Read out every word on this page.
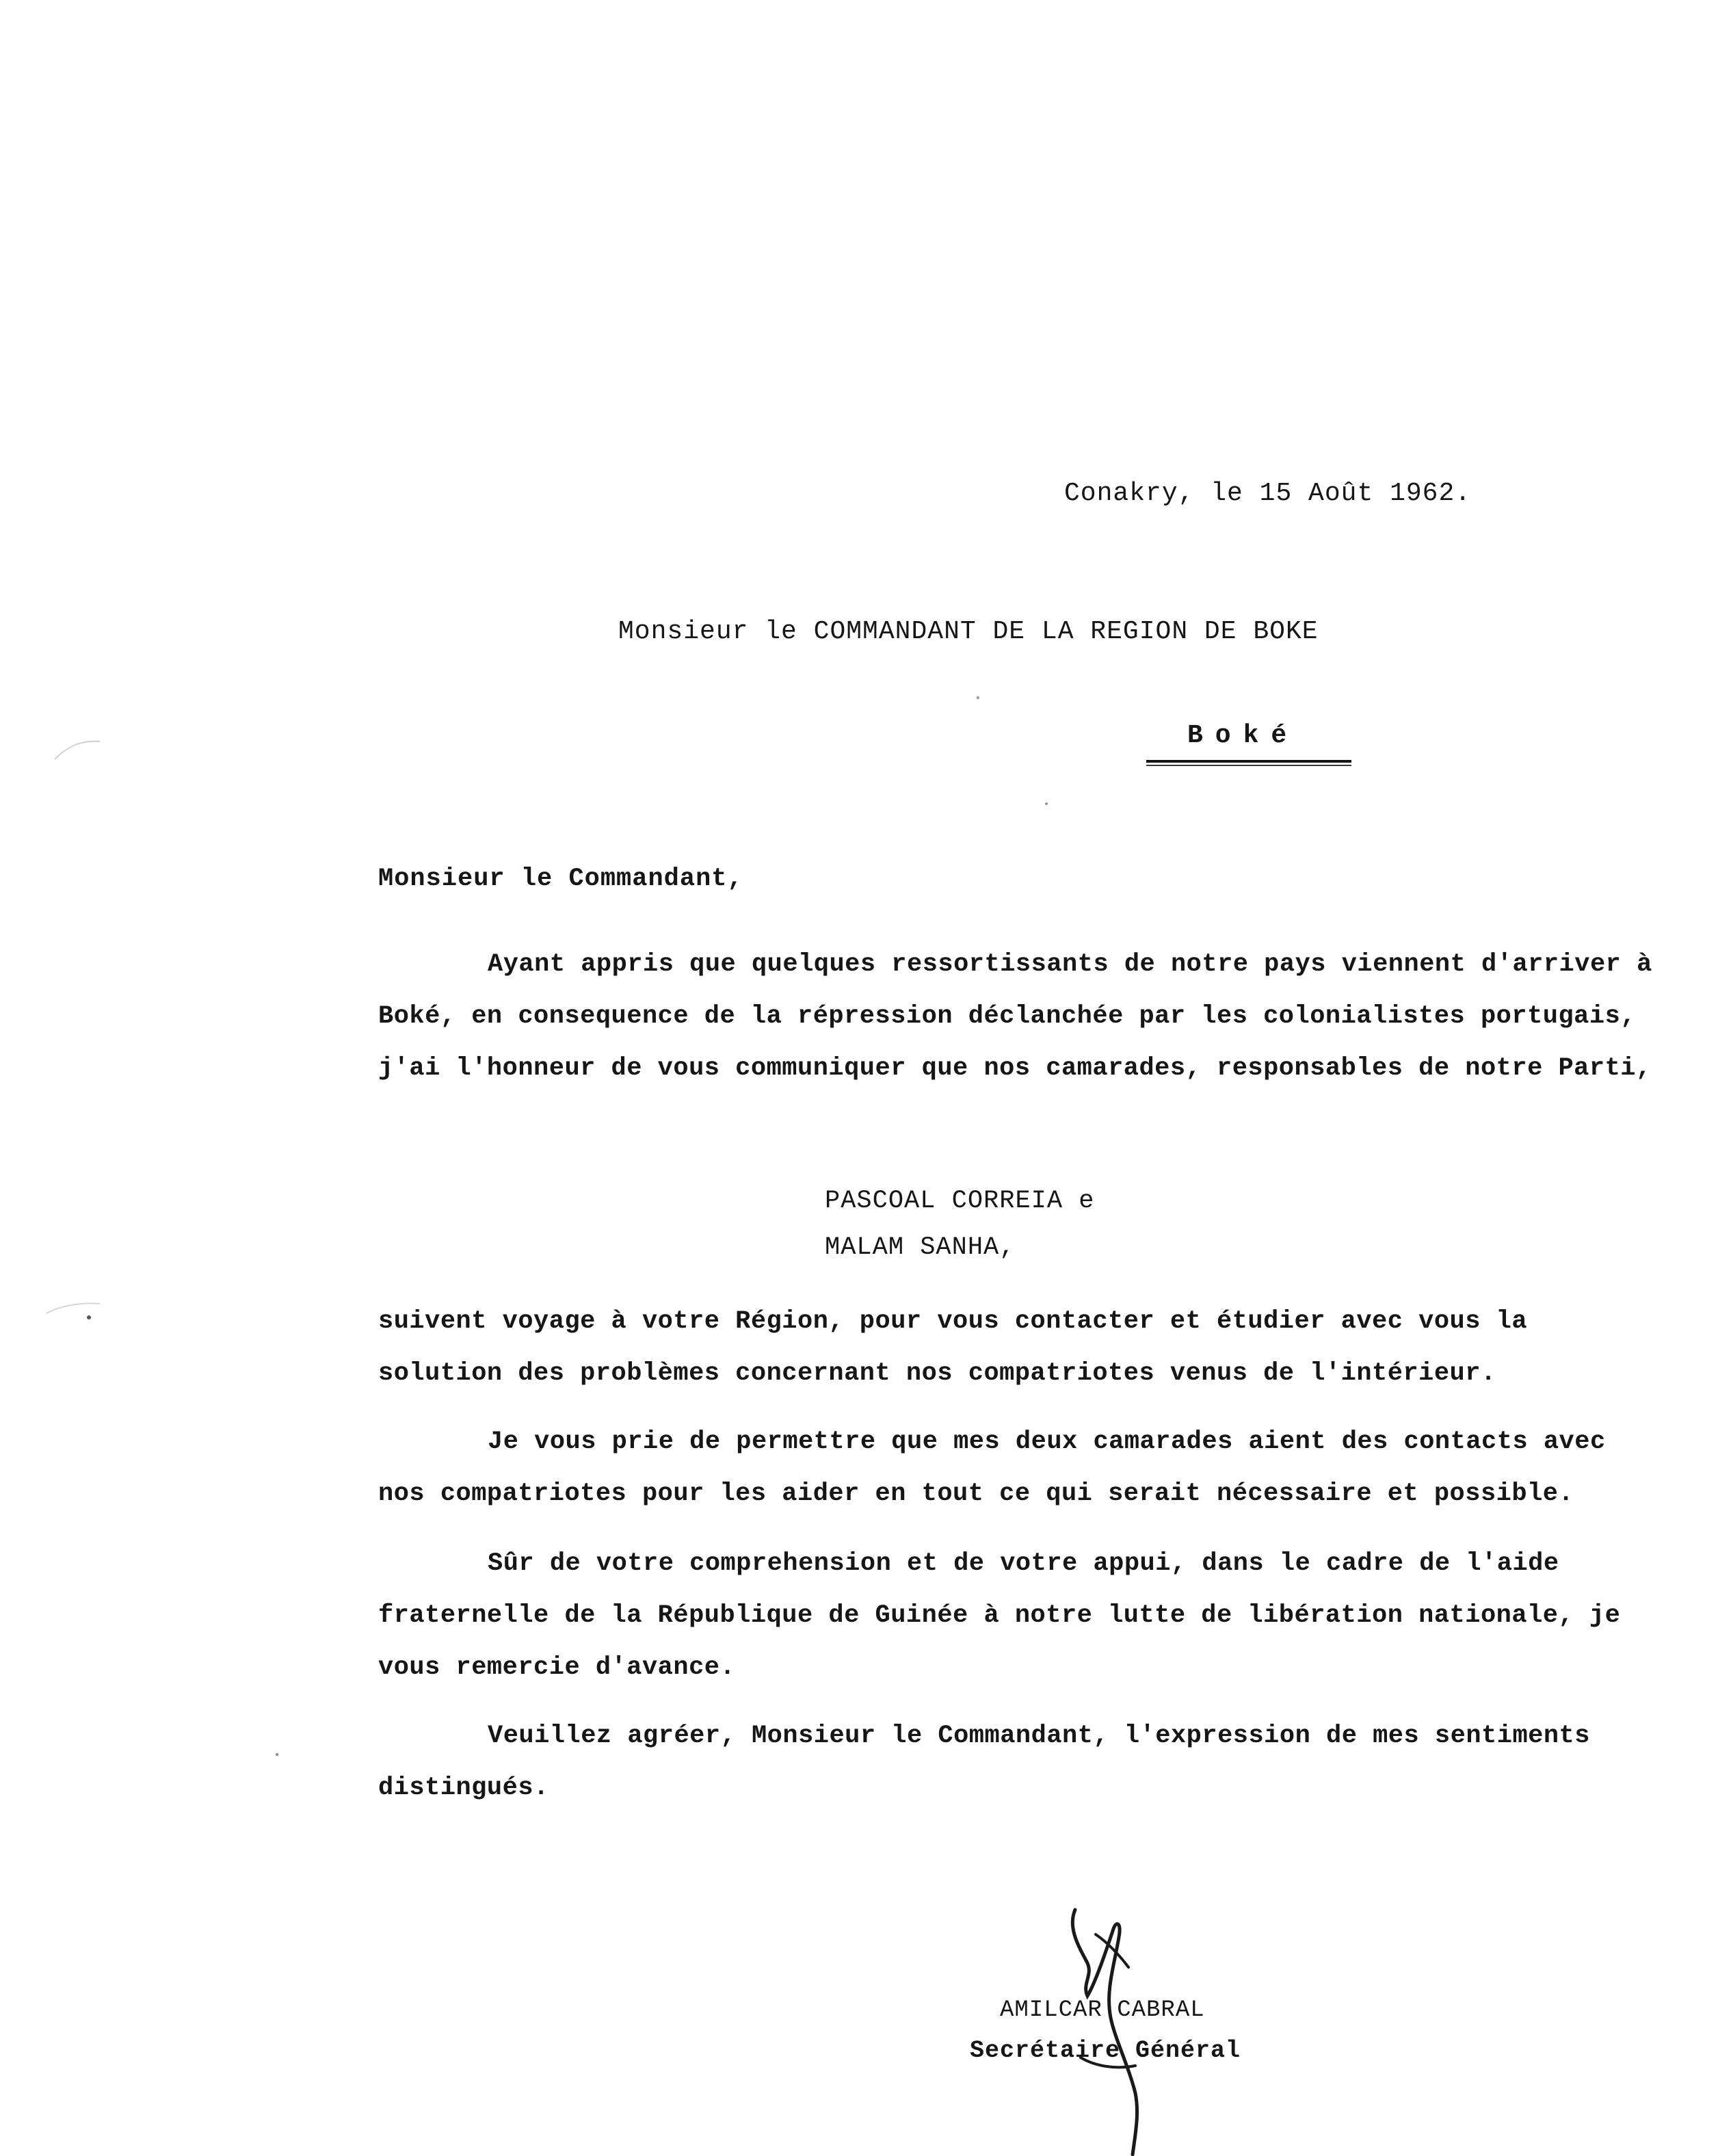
Conakry, le 15 Août 1962.
Monsieur le COMMANDANT DE LA REGION DE BOKE
Boké
Monsieur le Commandant,

Ayant appris que quelques ressortissants de notre pays viennent d'arriver à Boké, en consequence de la répression déclanchée par les colonialistes portugais, j'ai l'honneur de vous communiquer que nos camarades, responsables de notre Parti,

PASCOAL CORREIA e
MALAM SANHA,

suivent voyage à votre Région, pour vous contacter et étudier avec vous la solution des problèmes concernant nos compatriotes venus de l'intérieur.

Je vous prie de permettre que mes deux camarades aient des contacts avec nos compatriotes pour les aider en tout ce qui serait nécessaire et possible.

Sûr de votre comprehension et de votre appui, dans le cadre de l'aide fraternelle de la République de Guinée à notre lutte de libération nationale, je vous remercie d'avance.

Veuillez agréer, Monsieur le Commandant, l'expression de mes sentiments distingués.

AMILCAR CABRAL
Secrétaire Général
